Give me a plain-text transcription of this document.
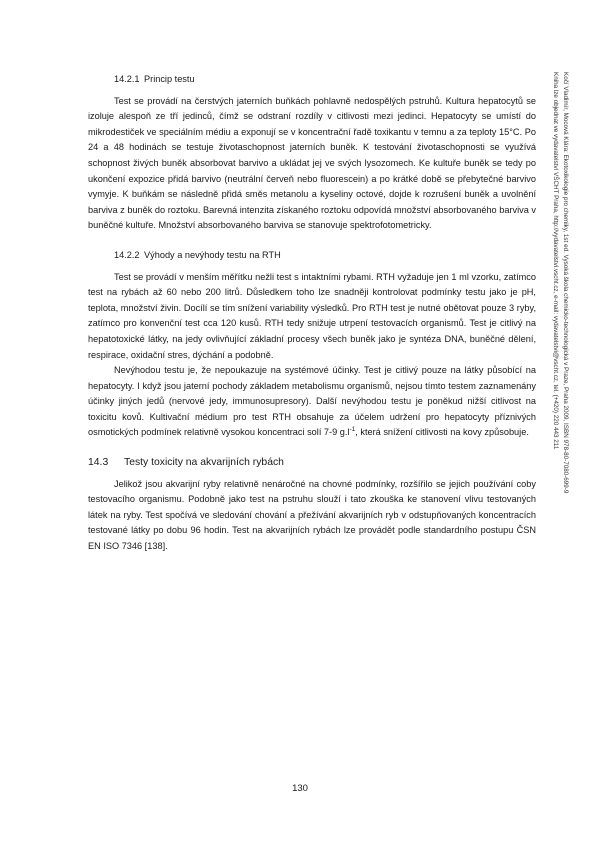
14.2.1 Princip testu

Test se provádí na čerstvých jaterních buňkách pohlavně nedospělých pstruhů. Kultura hepatocytů se izoluje alespoň ze tří jedinců, čímž se odstraní rozdíly v citlivosti mezi jedinci. Hepatocyty se umístí do mikrodestiček ve speciálním médiu a exponují se v koncentrační řadě toxikantu v temnu a za teploty 15°C. Po 24 a 48 hodinách se testuje životaschopnost jaterních buněk. K testování životaschopnosti se využívá schopnost živých buněk absorbovat barvivo a ukládat jej ve svých lysozomech. Ke kultuře buněk se tedy po ukončení expozice přidá barvivo (neutrální červeň nebo fluorescein) a po krátké době se přebytečné barvivo vymyje. K buňkám se následně přidá směs metanolu a kyseliny octové, dojde k rozrušení buněk a uvolnění barviva z buněk do roztoku. Barevná intenzita získaného roztoku odpovídá množství absorbovaného barviva v buněčné kultuře. Množství absorbovaného barviva se stanovuje spektrofotometricky.

14.2.2 Výhody a nevýhody testu na RTH

Test se provádí v menším měřítku nežli test s intaktními rybami. RTH vyžaduje jen 1 ml vzorku, zatímco test na rybách až 60 nebo 200 litrů. Důsledkem toho lze snadněji kontrolovat podmínky testu jako je pH, teplota, množství živin. Docílí se tím snížení variability výsledků. Pro RTH test je nutné obětovat pouze 3 ryby, zatímco pro konvenční test cca 120 kusů. RTH tedy snižuje utrpení testovacích organismů. Test je citlivý na hepatotoxické látky, na jedy ovlivňující základní procesy všech buněk jako je syntéza DNA, buněčné dělení, respirace, oxidační stres, dýchání a podobně.

Nevýhodou testu je, že nepoukazuje na systémové účinky. Test je citlivý pouze na látky působící na hepatocyty. I když jsou jaterní pochody základem metabolismu organismů, nejsou tímto testem zaznamenány účinky jiných jedů (nervové jedy, immunosupresory). Další nevýhodou testu je poněkud nižší citlivost na toxicitu kovů. Kultivační médium pro test RTH obsahuje za účelem udržení pro hepatocyty příznivých osmotických podmínek relativně vysokou koncentraci solí 7-9 $g.l^{-1}$, která snížení citlivosti na kovy způsobuje.

14.3 Testy toxicity na akvarijních rybách

Jelikož jsou akvarijní ryby relativně nenáročné na chovné podmínky, rozšířilo se jejich používání coby testovacího organismu. Podobně jako test na pstruhu slouží i tato zkouška ke stanovení vlivu testovaných látek na ryby. Test spočívá ve sledování chování a přežívání akvarijních ryb v odstupňovaných koncentracích testované látky po dobu 96 hodin. Test na akvarijních rybách lze provádět podle standardního postupu ČSN EN ISO 7346 [138].

130
Kočí Vladimír, Mocová Klára: Ekotoxikologie pro chemiky, 1st ed. Vysoká škola chemicko-technologická v Praze, Praha 2009, ISBN 978-80-7080-699-9
Kniha lze objednat ve vydavatelství VŠCHT Praha, http://vydavatelstvi.vscht.cz, e-mail: vydavatelstvi@vscht.cz, tel. (+420) 220 443 211
